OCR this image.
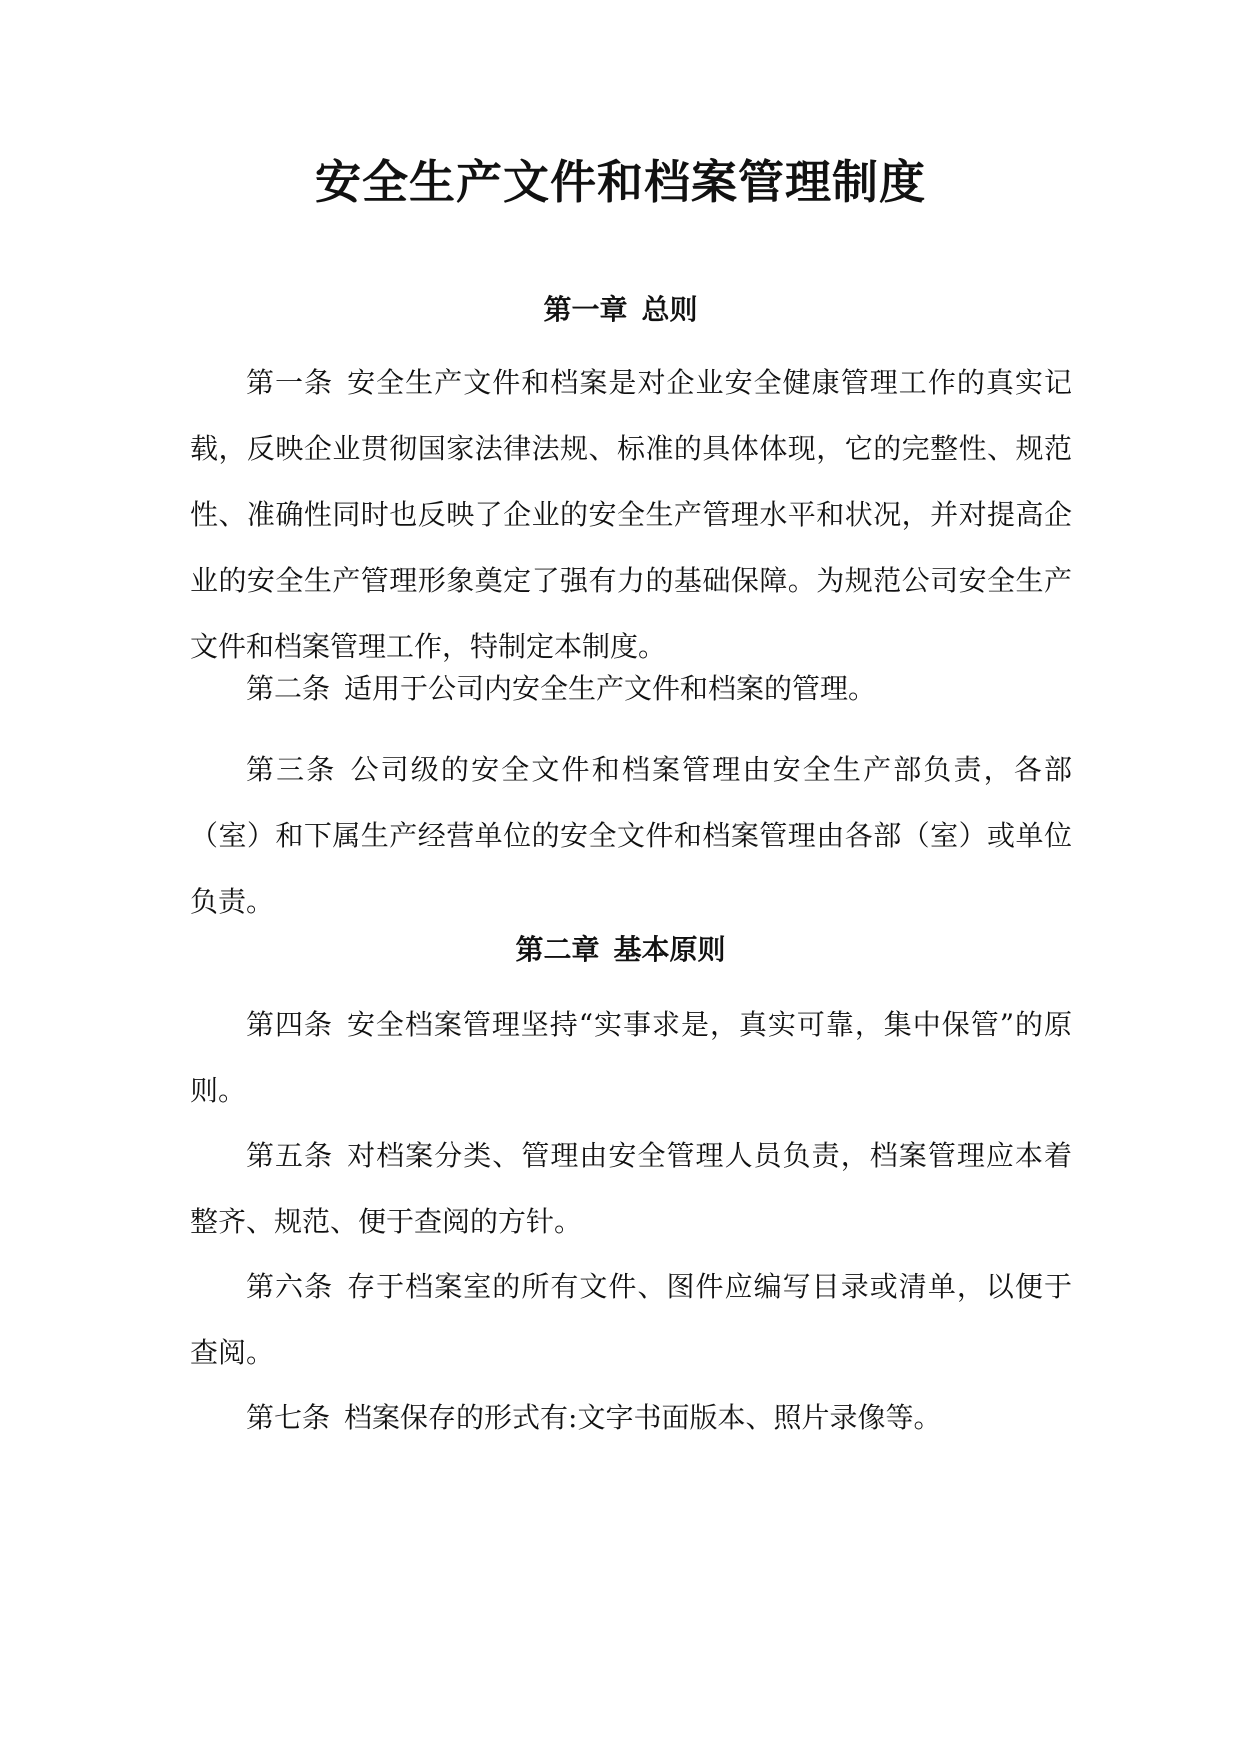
安全生产文件和档案管理制度
第一章 总则

第一条 安全生产文件和档案是对企业安全健康管理工作的真实记载，反映企业贯彻国家法律法规、标准的具体体现，它的完整性、规范性、准确性同时也反映了企业的安全生产管理水平和状况，并对提高企业的安全生产管理形象奠定了强有力的基础保障。为规范公司安全生产文件和档案管理工作，特制定本制度。

第二条 适用于公司内安全生产文件和档案的管理。

第三条 公司级的安全文件和档案管理由安全生产部负责，各部（室）和下属生产经营单位的安全文件和档案管理由各部（室）或单位负责。

第二章 基本原则

第四条 安全档案管理坚持“实事求是，真实可靠，集中保管”的原则。

第五条 对档案分类、管理由安全管理人员负责，档案管理应本着整齐、规范、便于查阅的方针。

第六条 存于档案室的所有文件、图件应编写目录或清单，以便于查阅。

第七条 档案保存的形式有:文字书面版本、照片录像等。
